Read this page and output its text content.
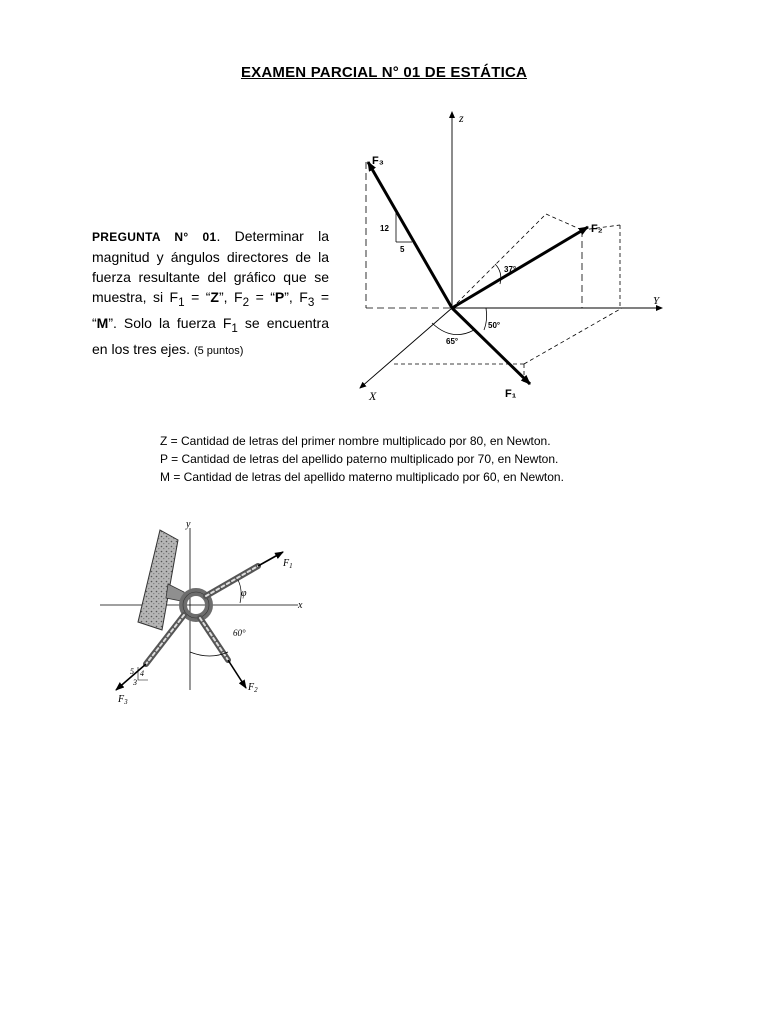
EXAMEN PARCIAL N° 01 DE ESTÁTICA
PREGUNTA N° 01. Determinar la magnitud y ángulos directores de la fuerza resultante del gráfico que se muestra, si $F_1$ = “Z”, $F_2$ = “P”, $F_3$ = “M”. Solo la fuerza $F_1$ se encuentra en los tres ejes. (5 puntos)
z
Y
X
F₃
F₂
F₁
12
5
37°
50°
65°
Z = Cantidad de letras del primer nombre multiplicado por 80, en Newton.
P = Cantidad de letras del apellido paterno multiplicado por 70, en Newton.
M = Cantidad de letras del apellido materno multiplicado por 60, en Newton.
y
x
φ
60°
$F_1$
$F_2$
$F_3$
5 4
3
